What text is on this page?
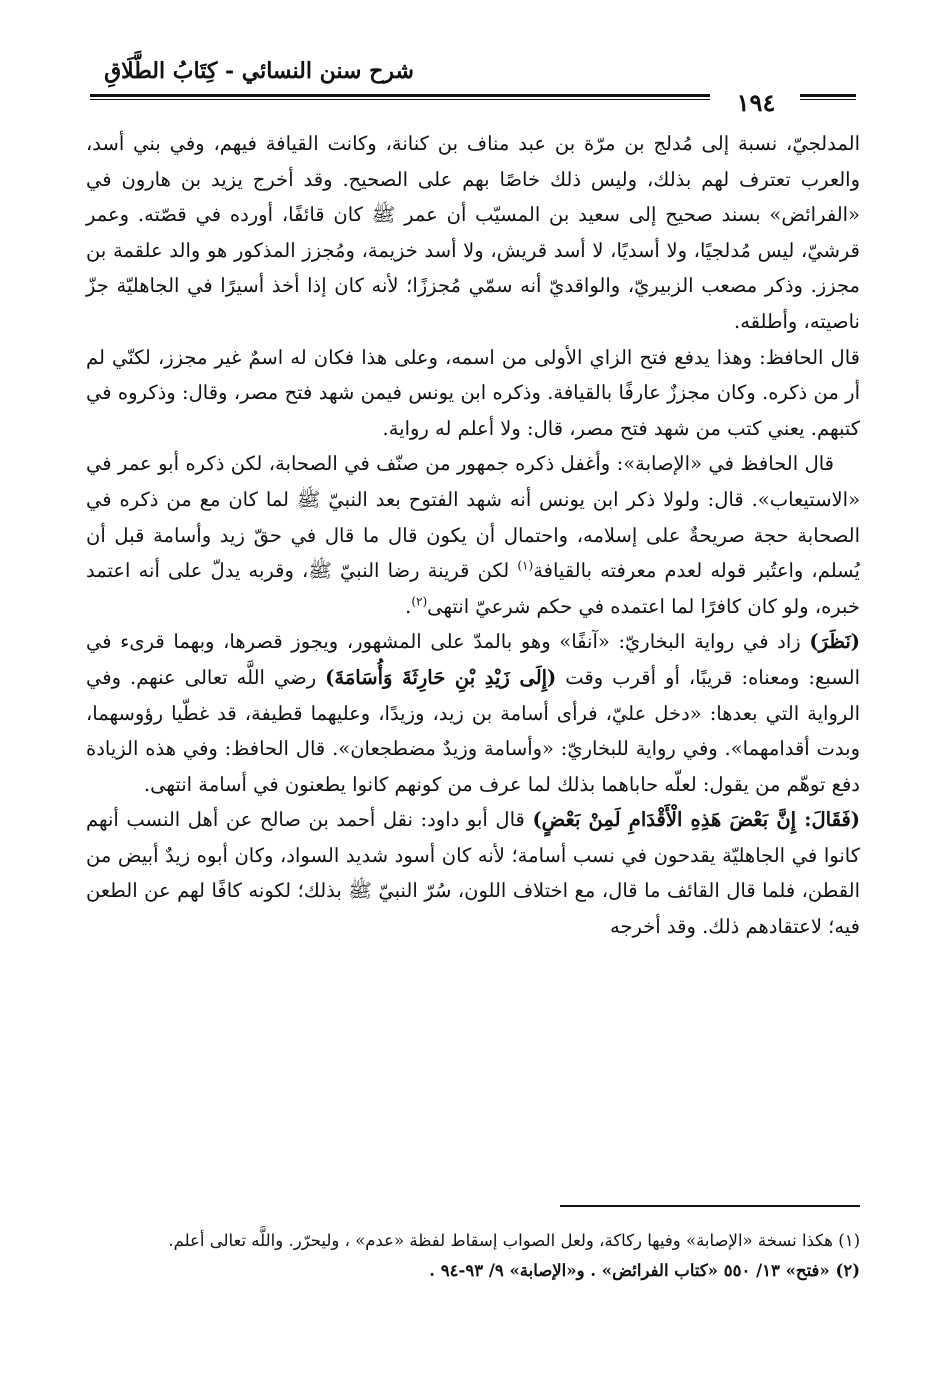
شرح سنن النسائي - كِتَابُ الطَّلَاقِ
١٩٤

المدلجيّ، نسبة إلى مُدلج بن مرّة بن عبد مناف بن كنانة، وكانت القيافة فيهم، وفي بني أسد، والعرب تعترف لهم بذلك، وليس ذلك خاصًا بهم على الصحيح. وقد أخرج يزيد بن هارون في «الفرائض» بسند صحيح إلى سعيد بن المسيّب أن عمر ﷺ كان قائفًا، أورده في قصّته. وعمر قرشيّ، ليس مُدلجيًا، ولا أسديًا، لا أسد قريش، ولا أسد خزيمة، ومُجزز المذكور هو والد علقمة بن مجزز. وذكر مصعب الزبيريّ، والواقديّ أنه سمّي مُجززًا؛ لأنه كان إذا أخذ أسيرًا في الجاهليّة جزّ ناصيته، وأطلقه.

قال الحافظ: وهذا يدفع فتح الزاي الأولى من اسمه، وعلى هذا فكان له اسمٌ غير مجزز، لكنّي لم أر من ذكره. وكان مجززٌ عارفًا بالقيافة. وذكره ابن يونس فيمن شهد فتح مصر، وقال: وذكروه في كتبهم. يعني كتب من شهد فتح مصر، قال: ولا أعلم له رواية.

قال الحافظ في «الإصابة»: وأغفل ذكره جمهور من صنّف في الصحابة، لكن ذكره أبو عمر في «الاستيعاب». قال: ولولا ذكر ابن يونس أنه شهد الفتوح بعد النبيّ ﷺ لما كان مع من ذكره في الصحابة حجة صريحةٌ على إسلامه، واحتمال أن يكون قال ما قال في حقّ زيد وأسامة قبل أن يُسلم، واعتُبر قوله لعدم معرفته بالقيافة$^{(١)}$ لكن قرينة رضا النبيّ ﷺ، وقربه يدلّ على أنه اعتمد خبره، ولو كان كافرًا لما اعتمده في حكم شرعيّ انتهى$^{(٢)}$.

(نَظَرَ) زاد في رواية البخاريّ: «آنفًا» وهو بالمدّ على المشهور، ويجوز قصرها، وبهما قرىء في السبع: ومعناه: قريبًا، أو أقرب وقت (إِلَى زَيْدِ بْنِ حَارِثَةَ وَأُسَامَةَ) رضي اللَّه تعالى عنهم. وفي الرواية التي بعدها: «دخل عليّ، فرأى أسامة بن زيد، وزيدًا، وعليهما قطيفة، قد غطّيا رؤوسهما، وبدت أقدامهما». وفي رواية للبخاريّ: «وأسامة وزيدٌ مضطجعان». قال الحافظ: وفي هذه الزيادة دفع توهّم من يقول: لعلّه حاباهما بذلك لما عرف من كونهم كانوا يطعنون في أسامة انتهى.

(فَقَالَ: إِنَّ بَعْضَ هَذِهِ الْأَقْدَامِ لَمِنْ بَعْضٍ) قال أبو داود: نقل أحمد بن صالح عن أهل النسب أنهم كانوا في الجاهليّة يقدحون في نسب أسامة؛ لأنه كان أسود شديد السواد، وكان أبوه زيدٌ أبيض من القطن، فلما قال القائف ما قال، مع اختلاف اللون، سُرّ النبيّ ﷺ بذلك؛ لكونه كافًا لهم عن الطعن فيه؛ لاعتقادهم ذلك. وقد أخرجه

(١) هكذا نسخة «الإصابة» وفيها ركاكة، ولعل الصواب إسقاط لفظة «عدم» ، وليحرّر. واللَّه تعالى أعلم.

(٢) «فتح» ١٣/ ٥٥٠ «كتاب الفرائض» . و«الإصابة» ٩/ ٩٣-٩٤ .
